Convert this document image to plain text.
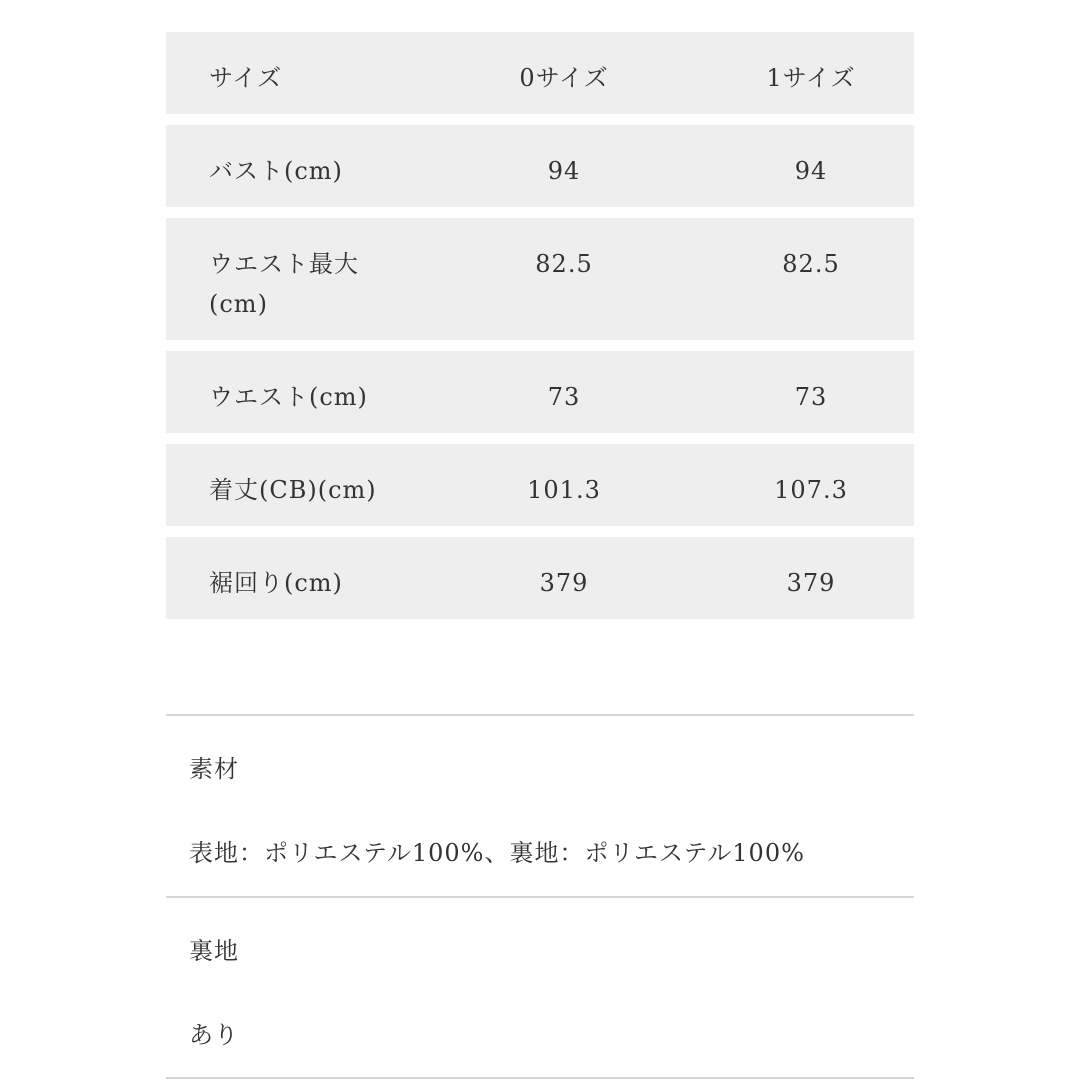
サイズ	0サイズ	1サイズ
バスト(cm)	94	94
ウエスト最大
(cm)
82.5	82.5
ウエスト(cm)	73	73
着丈(CB)(cm)	101.3	107.3
裾回り(cm)	379	379
素材
表地：ポリエステル100%、裏地：ポリエステル100%
裏地
あり
